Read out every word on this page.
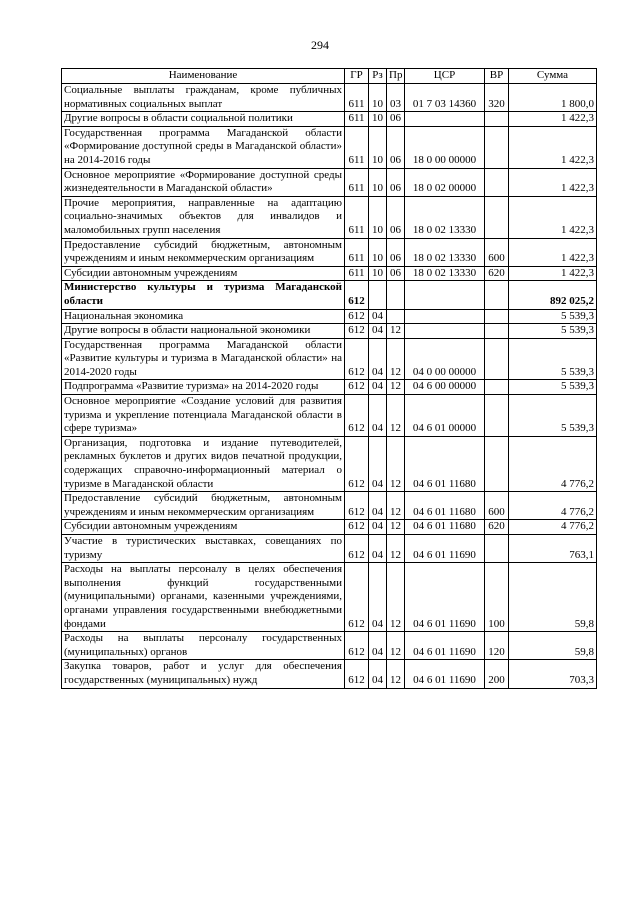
294
Наименование	ГР	Рз	Пр	ЦСР	ВР	Сумма
Социальные выплаты гражданам, кроме публичных нормативных социальных выплат	611	10	03	01 7 03 14360	320	1 800,0
Другие вопросы в области социальной политики	611	10	06			1 422,3
Государственная программа Магаданской области «Формирование доступной среды в Магаданской области» на 2014-2016 годы	611	10	06	18 0 00 00000		1 422,3
Основное мероприятие «Формирование доступной среды жизнедеятельности в Магаданской области»	611	10	06	18 0 02 00000		1 422,3
Прочие мероприятия, направленные на адаптацию социально-значимых объектов для инвалидов и маломобильных групп населения	611	10	06	18 0 02 13330		1 422,3
Предоставление субсидий бюджетным, автономным учреждениям и иным некоммерческим организациям	611	10	06	18 0 02 13330	600	1 422,3
Субсидии автономным учреждениям	611	10	06	18 0 02 13330	620	1 422,3
Министерство культуры и туризма Магаданской области	612					892 025,2
Национальная экономика	612	04				5 539,3
Другие вопросы в области национальной экономики	612	04	12			5 539,3
Государственная программа Магаданской области «Развитие культуры и туризма в Магаданской области» на 2014-2020 годы	612	04	12	04 0 00 00000		5 539,3
Подпрограмма «Развитие туризма» на 2014-2020 годы	612	04	12	04 6 00 00000		5 539,3
Основное мероприятие «Создание условий для развития туризма и укрепление потенциала Магаданской области в сфере туризма»	612	04	12	04 6 01 00000		5 539,3
Организация, подготовка и издание путеводителей, рекламных буклетов и других видов печатной продукции, содержащих справочно-информационный материал о туризме в Магаданской области	612	04	12	04 6 01 11680		4 776,2
Предоставление субсидий бюджетным, автономным учреждениям и иным некоммерческим организациям	612	04	12	04 6 01 11680	600	4 776,2
Субсидии автономным учреждениям	612	04	12	04 6 01 11680	620	4 776,2
Участие в туристических выставках, совещаниях по туризму	612	04	12	04 6 01 11690		763,1
Расходы на выплаты персоналу в целях обеспечения выполнения функций государственными (муниципальными) органами, казенными учреждениями, органами управления государственными внебюджетными фондами	612	04	12	04 6 01 11690	100	59,8
Расходы на выплаты персоналу государственных (муниципальных) органов	612	04	12	04 6 01 11690	120	59,8
Закупка товаров, работ и услуг для обеспечения государственных (муниципальных) нужд	612	04	12	04 6 01 11690	200	703,3
